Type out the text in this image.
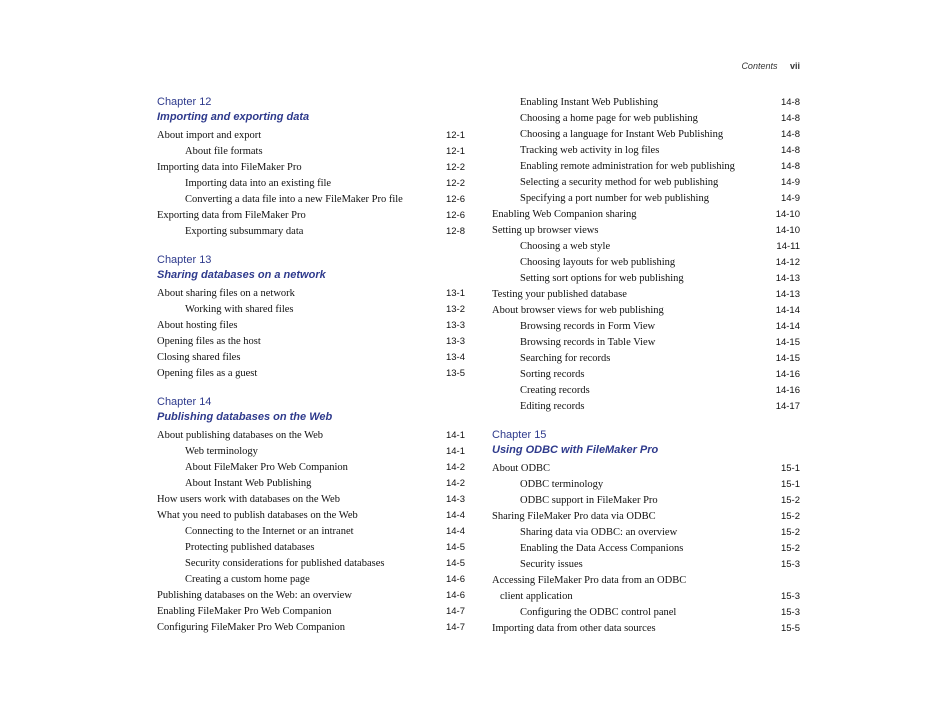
Contents vii
Chapter 12
Importing and exporting data
About import and export	12-1
About file formats	12-1
Importing data into FileMaker Pro	12-2
Importing data into an existing file	12-2
Converting a data file into a new FileMaker Pro file	12-6
Exporting data from FileMaker Pro	12-6
Exporting subsummary data	12-8
Chapter 13
Sharing databases on a network
About sharing files on a network	13-1
Working with shared files	13-2
About hosting files	13-3
Opening files as the host	13-3
Closing shared files	13-4
Opening files as a guest	13-5
Chapter 14
Publishing databases on the Web
About publishing databases on the Web	14-1
Web terminology	14-1
About FileMaker Pro Web Companion	14-2
About Instant Web Publishing	14-2
How users work with databases on the Web	14-3
What you need to publish databases on the Web	14-4
Connecting to the Internet or an intranet	14-4
Protecting published databases	14-5
Security considerations for published databases	14-5
Creating a custom home page	14-6
Publishing databases on the Web: an overview	14-6
Enabling FileMaker Pro Web Companion	14-7
Configuring FileMaker Pro Web Companion	14-7
Enabling Instant Web Publishing	14-8
Choosing a home page for web publishing	14-8
Choosing a language for Instant Web Publishing	14-8
Tracking web activity in log files	14-8
Enabling remote administration for web publishing	14-8
Selecting a security method for web publishing	14-9
Specifying a port number for web publishing	14-9
Enabling Web Companion sharing	14-10
Setting up browser views	14-10
Choosing a web style	14-11
Choosing layouts for web publishing	14-12
Setting sort options for web publishing	14-13
Testing your published database	14-13
About browser views for web publishing	14-14
Browsing records in Form View	14-14
Browsing records in Table View	14-15
Searching for records	14-15
Sorting records	14-16
Creating records	14-16
Editing records	14-17
Chapter 15
Using ODBC with FileMaker Pro
About ODBC	15-1
ODBC terminology	15-1
ODBC support in FileMaker Pro	15-2
Sharing FileMaker Pro data via ODBC	15-2
Sharing data via ODBC: an overview	15-2
Enabling the Data Access Companions	15-2
Security issues	15-3
Accessing FileMaker Pro data from an ODBC
client application	15-3
Configuring the ODBC control panel	15-3
Importing data from other data sources	15-5
